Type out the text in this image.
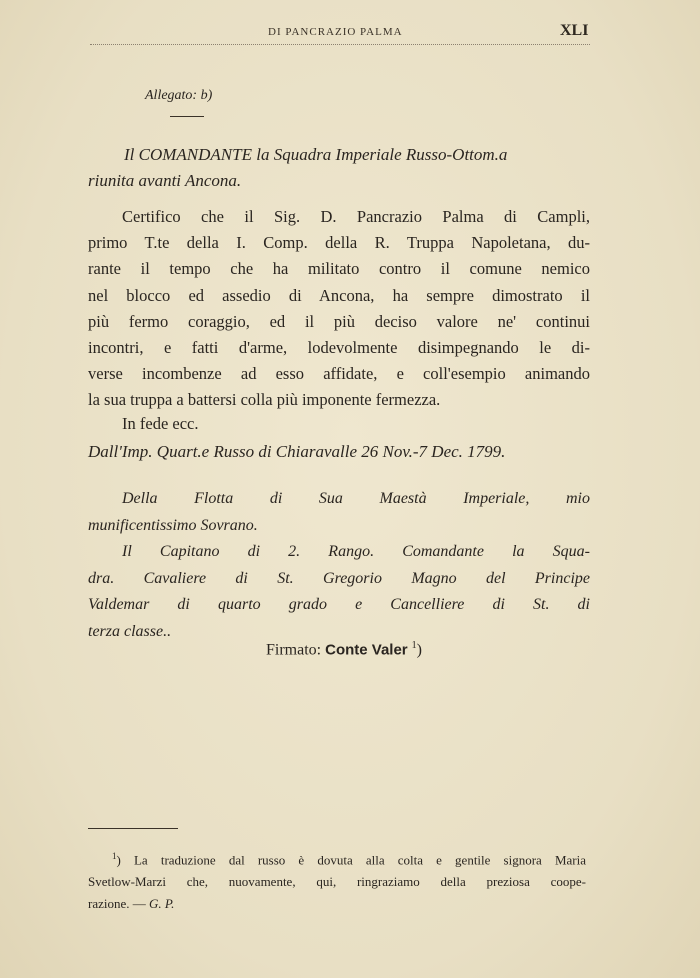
DI PANCRAZIO PALMA	XLI
Allegato: b)

Il COMANDANTE la Squadra Imperiale Russo-Ottom.a

riunita avanti Ancona.

Certifico che il Sig. D. Pancrazio Palma di Campli,
primo T.te della I. Comp. della R. Truppa Napoletana, du-
rante il tempo che ha militato contro il comune nemico
nel blocco ed assedio di Ancona, ha sempre dimostrato il
più fermo coraggio, ed il più deciso valore ne' continui
incontri, e fatti d'arme, lodevolmente disimpegnando le di-
verse incombenze ad esso affidate, e coll'esempio animando
la sua truppa a battersi colla più imponente fermezza.
In fede ecc.
Dall'Imp. Quart.e Russo di Chiaravalle 26 Nov.-7 Dec. 1799.
Della Flotta di Sua Maestà Imperiale, mio
munificentissimo Sovrano.
Il Capitano di 2. Rango. Comandante la Squa-
dra. Cavaliere di St. Gregorio Magno del Principe
Valdemar di quarto grado e Cancelliere di St. di
terza classe..
Firmato: Conte Valer $^1$)
$^1$) La traduzione dal russo è dovuta alla colta e gentile signora Maria
Svetlow-Marzi che, nuovamente, qui, ringraziamo della preziosa coope-
razione. — G. P.
